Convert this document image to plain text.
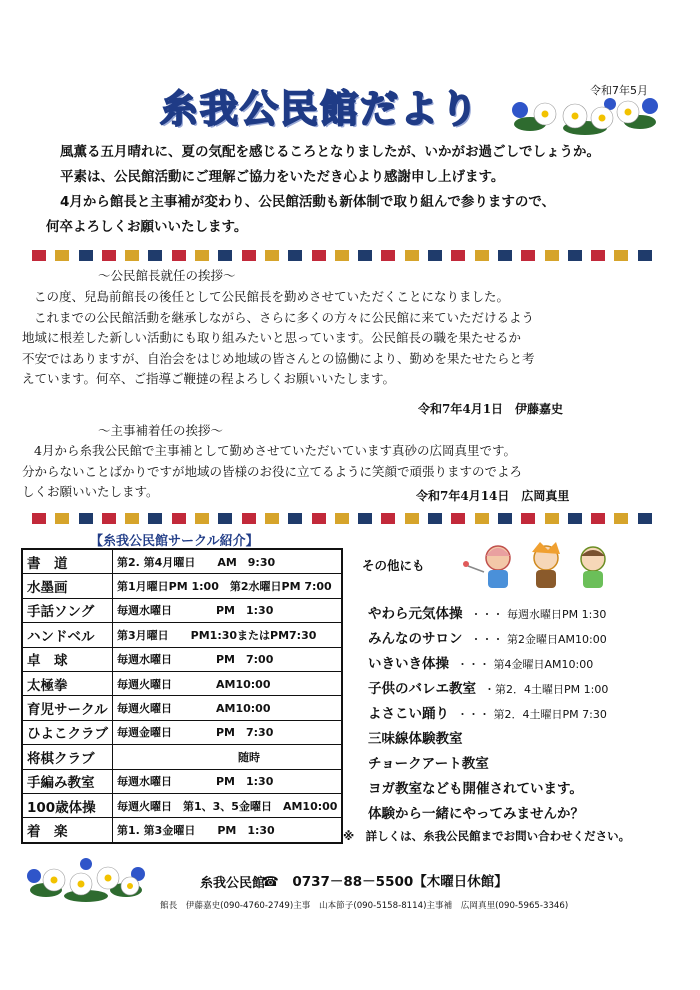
糸我公民館だより	令和7年5月
風薫る五月晴れに、夏の気配を感じるころとなりましたが、いかがお過ごしでしょうか。
平素は、公民館活動にご理解ご協力をいただき心より感謝申し上げます。
4月から館長と主事補が変わり、公民館活動も新体制で取り組んで参りますので、
何卒よろしくお願いいたします。
～公民館長就任の挨拶～
この度、兒島前館長の後任として公民館長を勤めさせていただくことになりました。
これまでの公民館活動を継承しながら、さらに多くの方々に公民館に来ていただけるよう
地域に根差した新しい活動にも取り組みたいと思っています。公民館長の職を果たせるか
不安ではありますが、自治会をはじめ地域の皆さんとの協働により、勤めを果たせたらと考
えています。何卒、ご指導ご鞭撻の程よろしくお願いいたします。
令和7年4月1日　伊藤嘉史
～主事補着任の挨拶～
4月から糸我公民館で主事補として勤めさせていただいています真砂の広岡真里です。
分からないことばかりですが地域の皆様のお役に立てるように笑顔で頑張りますのでよろ
しくお願いいたします。	令和7年4月14日　広岡真里
【糸我公民館サークル紹介】
書　道	第2. 第4月曜日　　AM　9:30
水墨画	第1月曜日PM 1:00　第2水曜日PM 7:00
手話ソング	毎週水曜日　　　　PM　1:30
ハンドベル	第3月曜日　　PM1:30またはPM7:30
卓　球	毎週水曜日　　　　PM　7:00
太極拳	毎週火曜日　　　　AM10:00
育児サークル	毎週火曜日　　　　AM10:00
ひよこクラブ	毎週金曜日　　　　PM　7:30
将棋クラブ	　　　　　　　　　　　随時
手編み教室	毎週水曜日　　　　PM　1:30
100歳体操	毎週火曜日　第1、3、5金曜日　AM10:00
着　楽	第1. 第3金曜日　　PM　1:30
その他にも
やわら元気体操 ・・・ 毎週水曜日PM 1:30
みんなのサロン ・・・ 第2金曜日AM10:00
いきいき体操 ・・・ 第4金曜日AM10:00
子供のバレエ教室 ・第2．4土曜日PM 1:00
よさこい踊り ・・・ 第2．4土曜日PM 7:30
三味線体験教室
チョークアート教室
ヨガ教室なども開催されています。
体験から一緒にやってみませんか？
※　詳しくは、糸我公民館までお問い合わせください。
糸我公民館
☎　0737－88－5500【木曜日休館】
館長　伊藤嘉史(090-4760-2749)主事　山本節子(090-5158-8114)主事補　広岡真里(090-5965-3346)
